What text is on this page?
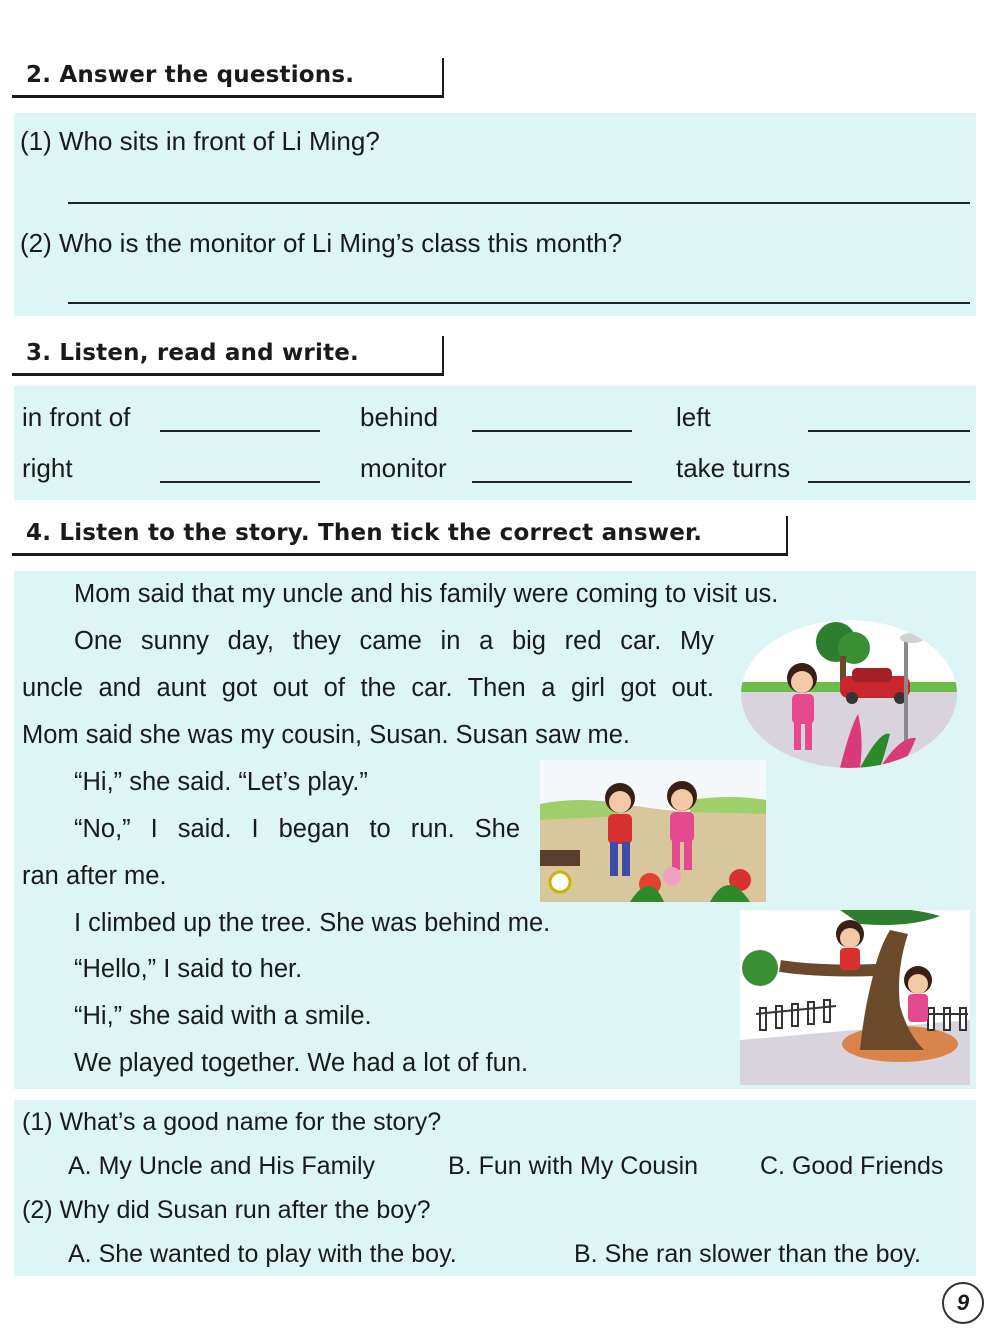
2. Answer the questions.
(1) Who sits in front of Li Ming?
(2) Who is the monitor of Li Ming’s class this month?
3. Listen, read and write.
in front of	behind	left
right	monitor	take turns
4. Listen to the story. Then tick the correct answer.
Mom said that my uncle and his family were coming to visit us.
One sunny day, they came in a big red car. My
uncle and aunt got out of the car. Then a girl got out.
Mom said she was my cousin, Susan. Susan saw me.
“Hi,” she said. “Let’s play.”
“No,” I said. I began to run. She
ran after me.
I climbed up the tree. She was behind me.
“Hello,” I said to her.
“Hi,” she said with a smile.
We played together. We had a lot of fun.
(1) What’s a good name for the story?
A. My Uncle and His Family	B. Fun with My Cousin C. Good Friends
(2) Why did Susan run after the boy?
A. She wanted to play with the boy.	B. She ran slower than the boy.
9
